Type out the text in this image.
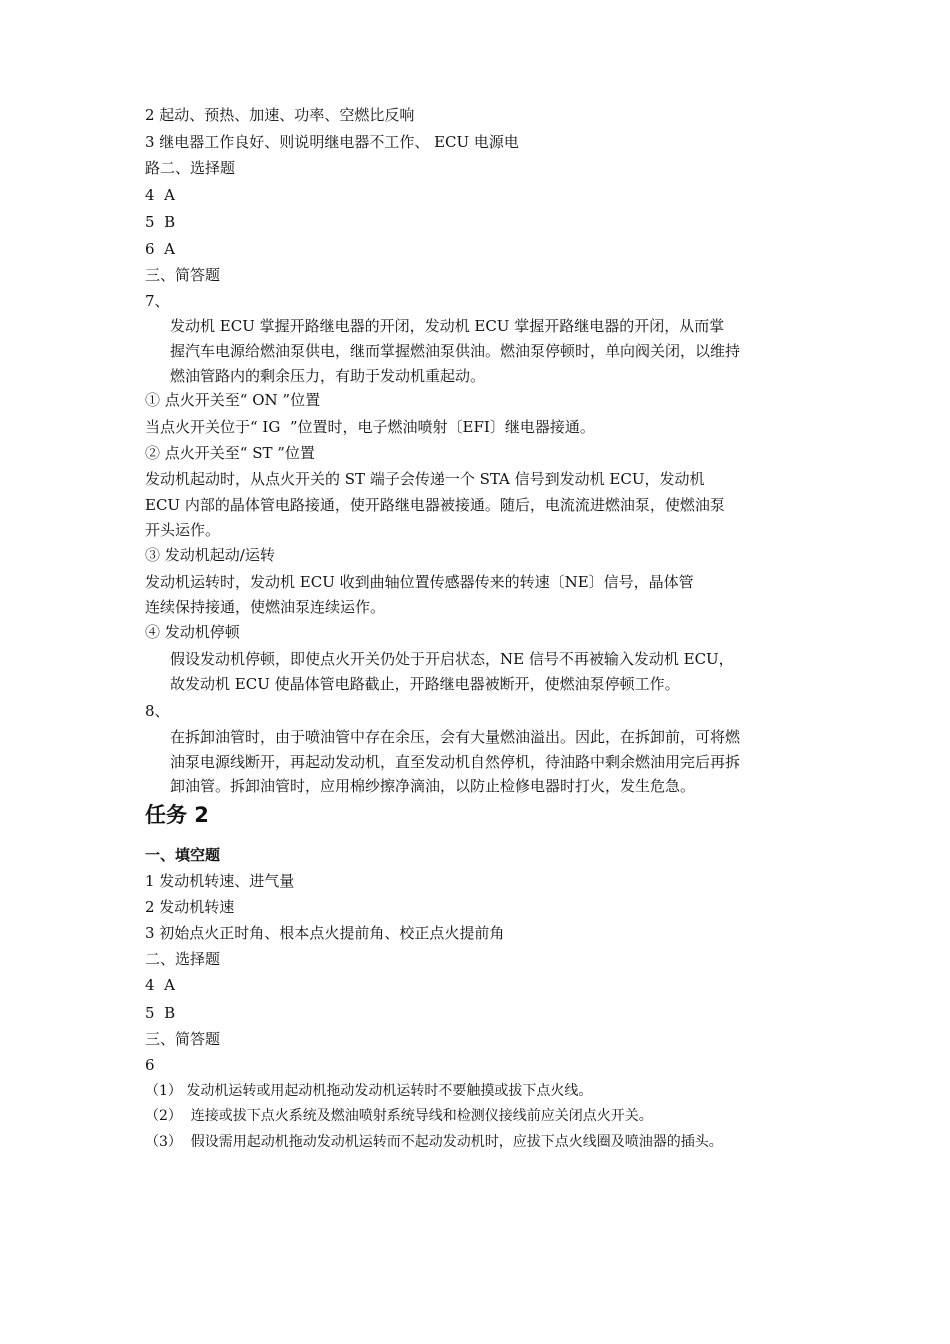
2 起动、预热、加速、功率、空燃比反响
3 继电器工作良好、则说明继电器不工作、 ECU 电源电
路二、选择题
4  A
5  B
6  A
三、简答题
7、
发动机 ECU 掌握开路继电器的开闭，发动机 ECU 掌握开路继电器的开闭，从而掌
握汽车电源给燃油泵供电，继而掌握燃油泵供油。燃油泵停顿时，单向阀关闭，以维持
燃油管路内的剩余压力，有助于发动机重起动。
① 点火开关至“ ON ”位置
当点火开关位于“ IG  ”位置时，电子燃油喷射〔EFI〕继电器接通。
② 点火开关至“ ST ”位置
发动机起动时，从点火开关的 ST 端子会传递一个 STA 信号到发动机 ECU，发动机
ECU 内部的晶体管电路接通，使开路继电器被接通。随后，电流流进燃油泵，使燃油泵
开头运作。
③ 发动机起动/运转
发动机运转时，发动机 ECU 收到曲轴位置传感器传来的转速〔NE〕信号，晶体管
连续保持接通，使燃油泵连续运作。
④ 发动机停顿
假设发动机停顿，即使点火开关仍处于开启状态，NE 信号不再被输入发动机 ECU，
故发动机 ECU 使晶体管电路截止，开路继电器被断开，使燃油泵停顿工作。
8、
在拆卸油管时，由于喷油管中存在余压，会有大量燃油溢出。因此，在拆卸前，可将燃
油泵电源线断开，再起动发动机，直至发动机自然停机，待油路中剩余燃油用完后再拆
卸油管。拆卸油管时，应用棉纱擦净滴油，以防止检修电器时打火，发生危急。
任务 2
一、填空题
1 发动机转速、进气量
2 发动机转速
3 初始点火正时角、根本点火提前角、校正点火提前角
二、选择题
4  A
5  B
三、简答题
6
（1） 发动机运转或用起动机拖动发动机运转时不要触摸或拔下点火线。
（2）  连接或拔下点火系统及燃油喷射系统导线和检测仪接线前应关闭点火开关。
（3）  假设需用起动机拖动发动机运转而不起动发动机时，应拔下点火线圈及喷油器的插头。
